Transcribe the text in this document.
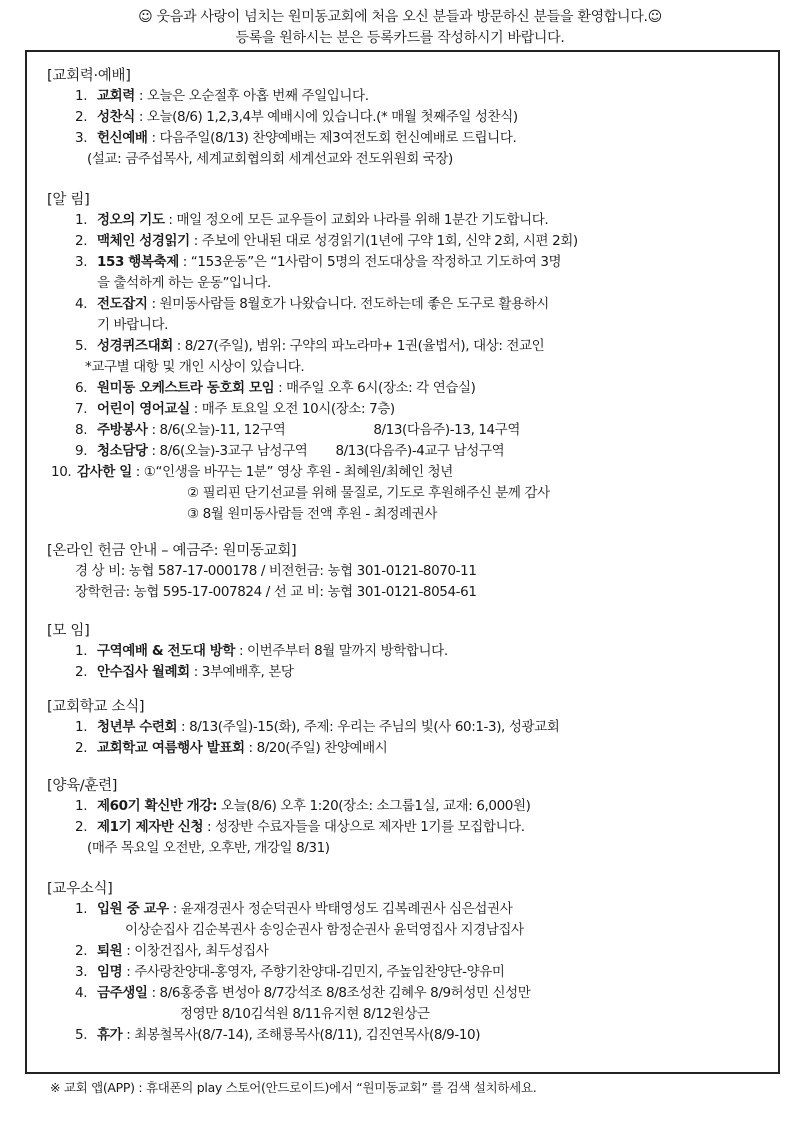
☺ 웃음과 사랑이 넘치는 원미동교회에 처음 오신 분들과 방문하신 분들을 환영합니다.☺
등록을 원하시는 분은 등록카드를 작성하시기 바랍니다.
[교회력·예배]
1. 교회력 : 오늘은 오순절후 아홉 번째 주일입니다.
2. 성찬식 : 오늘(8/6) 1,2,3,4부 예배시에 있습니다.(* 매월 첫째주일 성찬식)
3. 헌신예배 : 다음주일(8/13) 찬양예배는 제3여전도회 헌신예배로 드립니다.
(설교: 금주섭목사, 세계교회협의회 세계선교와 전도위원회 국장)
[알 림]
1. 정오의 기도 : 매일 정오에 모든 교우들이 교회와 나라를 위해 1분간 기도합니다.
2. 맥체인 성경읽기 : 주보에 안내된 대로 성경읽기(1년에 구약 1회, 신약 2회, 시편 2회)
3. 153 행복축제 : “153운동”은 “1사람이 5명의 전도대상을 작정하고 기도하여 3명
을 출석하게 하는 운동”입니다.
4. 전도잡지 : 원미동사람들 8월호가 나왔습니다. 전도하는데 좋은 도구로 활용하시
기 바랍니다.
5. 성경퀴즈대회 : 8/27(주일), 범위: 구약의 파노라마+ 1권(율법서), 대상: 전교인
*교구별 대항 및 개인 시상이 있습니다.
6. 원미동 오케스트라 동호회 모임 : 매주일 오후 6시(장소: 각 연습실)
7. 어린이 영어교실 : 매주 토요일 오전 10시(장소: 7층)
8. 주방봉사 : 8/6(오늘)-11, 12구역	8/13(다음주)-13, 14구역
9. 청소담당 : 8/6(오늘)-3교구 남성구역 8/13(다음주)-4교구 남성구역
10. 감사한 일 : ①“인생을 바꾸는 1분” 영상 후원 - 최혜원/최혜인 청년
② 필리핀 단기선교를 위해 물질로, 기도로 후원해주신 분께 감사
③ 8월 원미동사람들 전액 후원 - 최정례권사
[온라인 헌금 안내 – 예금주: 원미동교회]
경 상 비: 농협 587-17-000178 / 비전헌금: 농협 301-0121-8070-11
장학헌금: 농협 595-17-007824 / 선 교 비: 농협 301-0121-8054-61
[모 임]
1. 구역예배 & 전도대 방학 : 이번주부터 8월 말까지 방학합니다.
2. 안수집사 월례회 : 3부예배후, 본당
[교회학교 소식]
1. 청년부 수련회 : 8/13(주일)-15(화), 주제: 우리는 주님의 빛(사 60:1-3), 성광교회
2. 교회학교 여름행사 발표회 : 8/20(주일) 찬양예배시
[양육/훈련]
1. 제60기 확신반 개강: 오늘(8/6) 오후 1:20(장소: 소그룹1실, 교재: 6,000원)
2. 제1기 제자반 신청 : 성장반 수료자들을 대상으로 제자반 1기를 모집합니다.
(매주 목요일 오전반, 오후반, 개강일 8/31)
[교우소식]
1. 입원 중 교우 : 윤재경권사 정순덕권사 박태영성도 김복례권사 심은섭권사
이상순집사 김순복권사 송잉순권사 함정순권사 윤덕영집사 지경남집사
2. 퇴원 : 이창건집사, 최두성집사
3. 임명 : 주사랑찬양대-홍영자, 주향기찬양대-김민지, 주높임찬양단-양유미
4. 금주생일 : 8/6홍중흠 변성아 8/7강석조 8/8조성찬 김혜우 8/9허성민 신성만
정영만 8/10김석원 8/11유지현 8/12원상근
5. 휴가 : 최봉철목사(8/7-14), 조해룡목사(8/11), 김진연목사(8/9-10)
※ 교회 앱(APP) : 휴대폰의 play 스토어(안드로이드)에서 “원미동교회” 를 검색 설치하세요.
